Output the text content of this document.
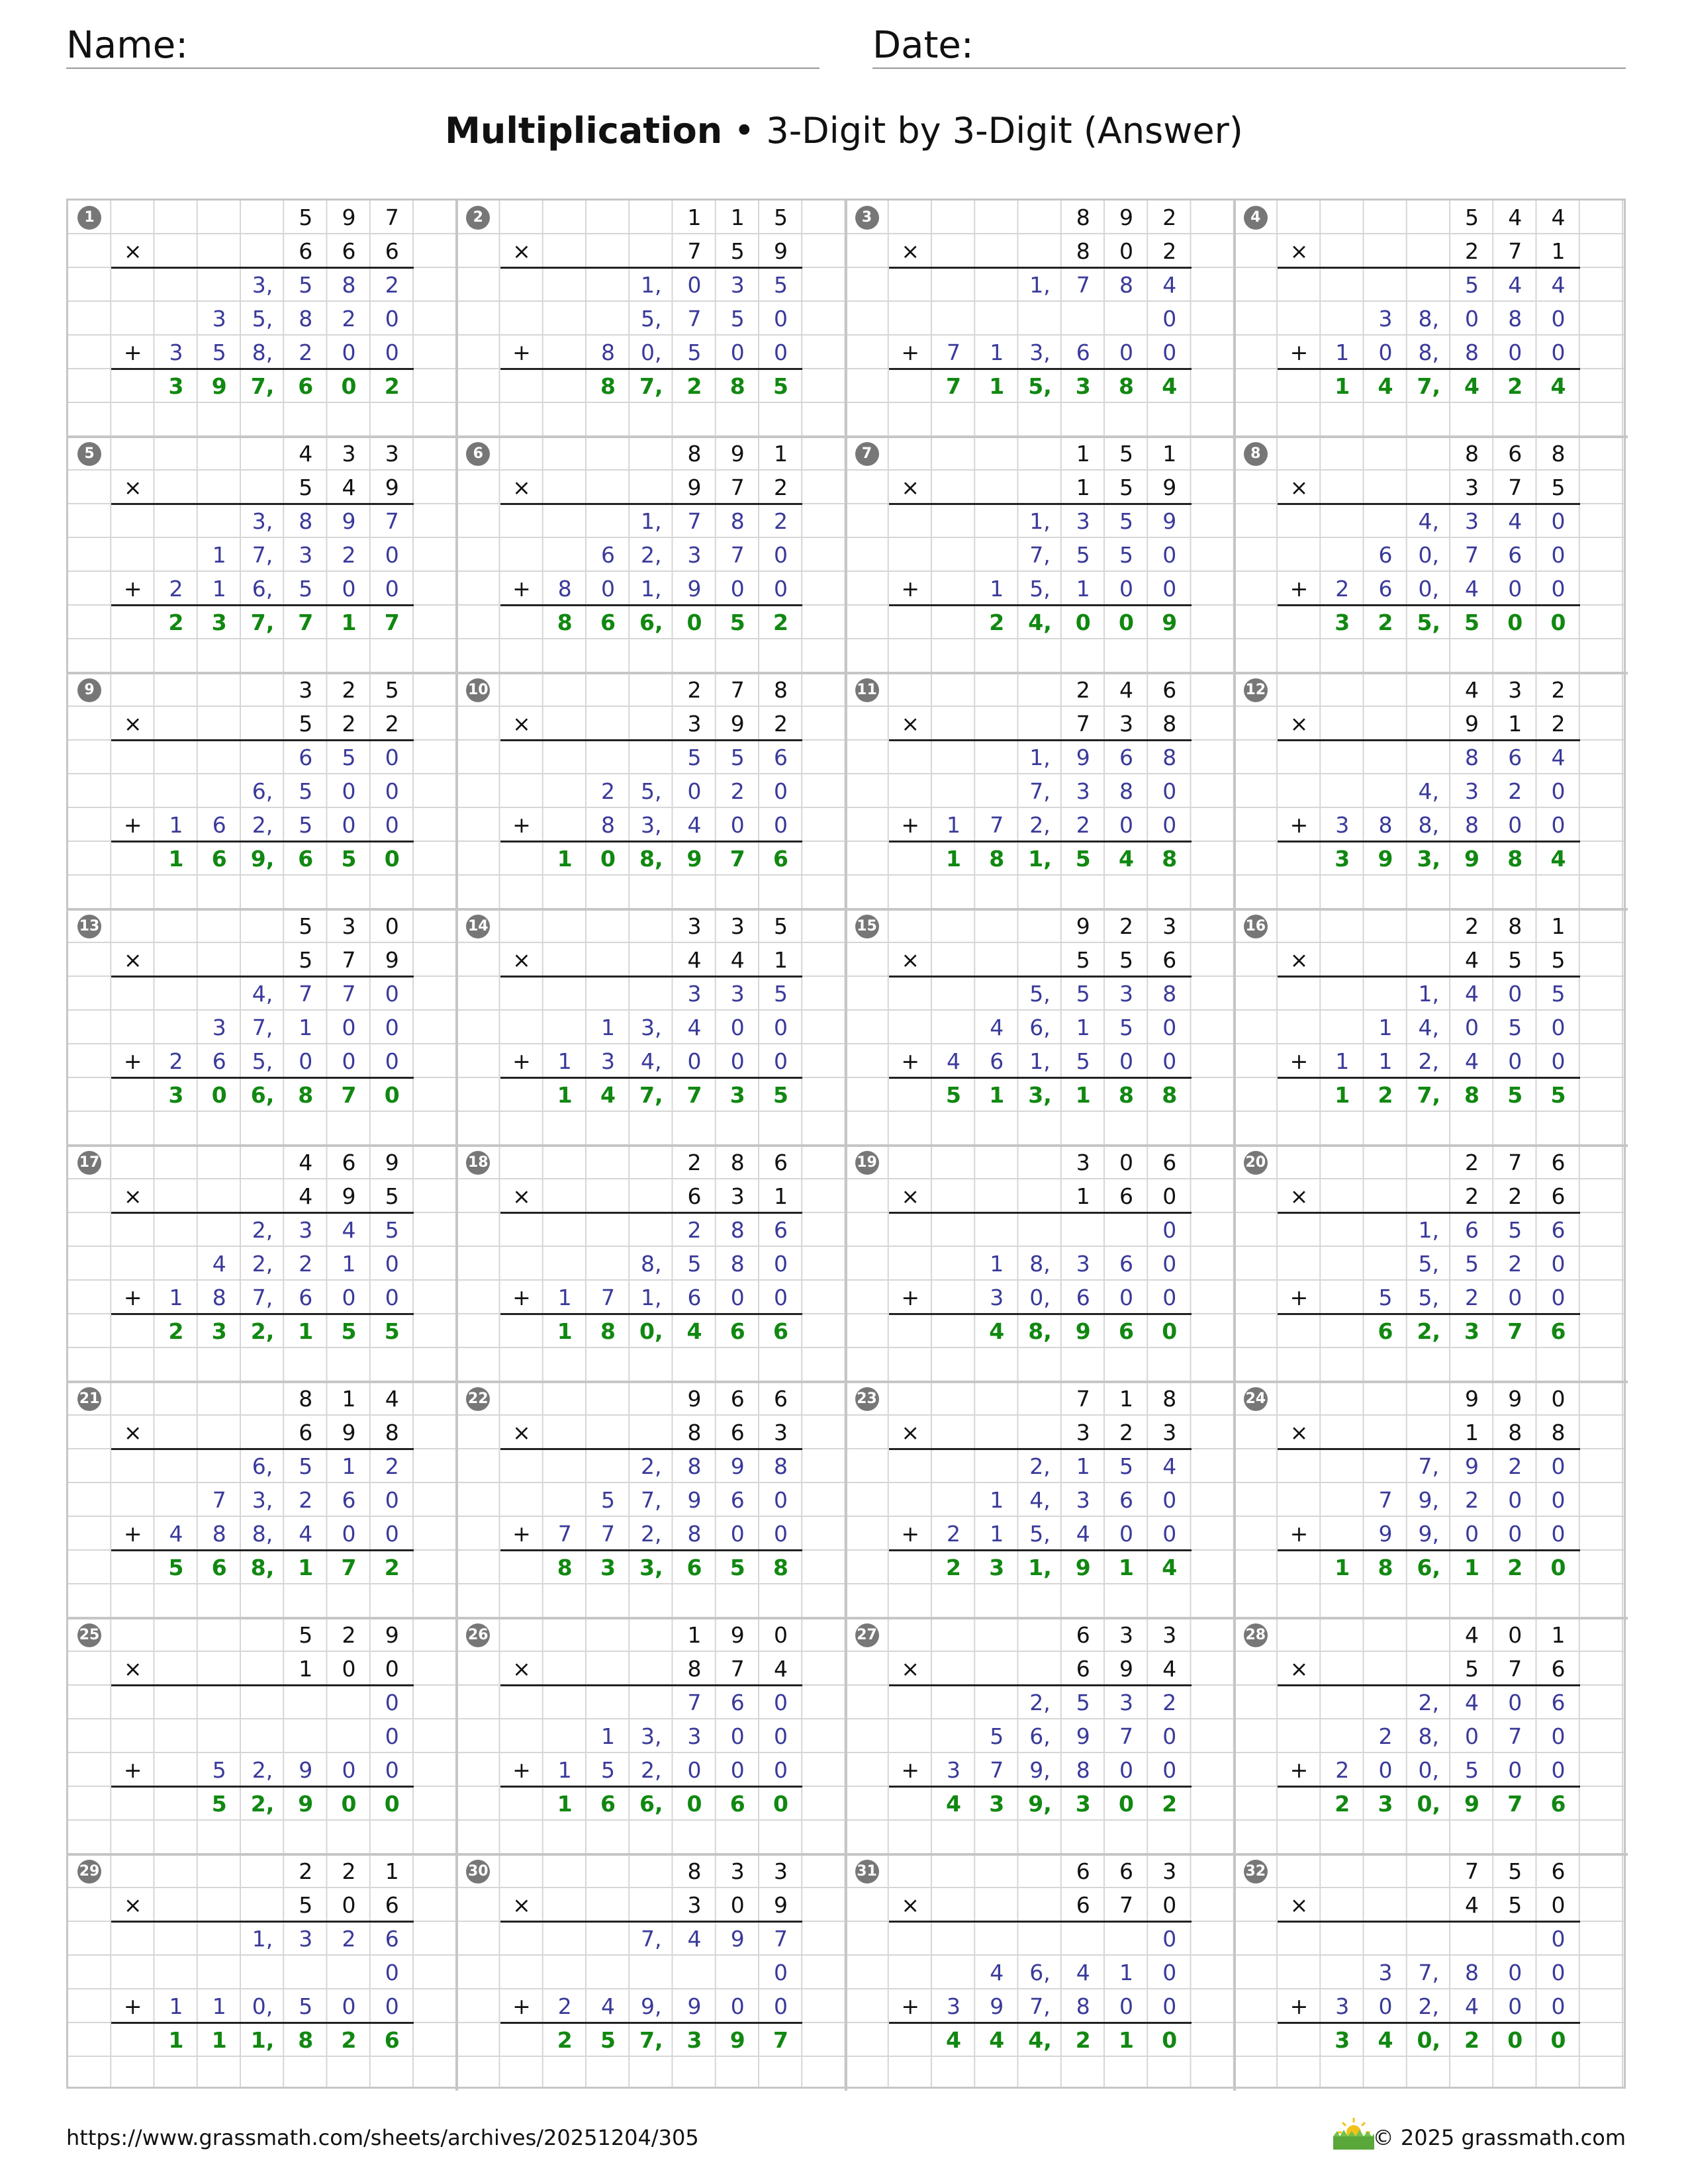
Name:	Date:
Multiplication • 3-Digit by 3-Digit (Answer)
1	5	9	7
×	6	6	6
3,	5	8	2
3	5,	8	2	0
+	3	5	8,	2	0	0
3	9	7,	6	0	2
2	1	1	5
×	7	5	9
1,	0	3	5
5,	7	5	0
+	8	0,	5	0	0
8	7,	2	8	5
3	8	9	2
×	8	0	2
1,	7	8	4
0
+	7	1	3,	6	0	0
7	1	5,	3	8	4
4	5	4	4
×	2	7	1
5	4	4
3	8,	0	8	0
+	1	0	8,	8	0	0
1	4	7,	4	2	4
5	4	3	3
×	5	4	9
3,	8	9	7
1	7,	3	2	0
+	2	1	6,	5	0	0
2	3	7,	7	1	7
6	8	9	1
×	9	7	2
1,	7	8	2
6	2,	3	7	0
+	8	0	1,	9	0	0
8	6	6,	0	5	2
7	1	5	1
×	1	5	9
1,	3	5	9
7,	5	5	0
+	1	5,	1	0	0
2	4,	0	0	9
8	8	6	8
×	3	7	5
4,	3	4	0
6	0,	7	6	0
+	2	6	0,	4	0	0
3	2	5,	5	0	0
9	3	2	5
×	5	2	2
6	5	0
6,	5	0	0
+	1	6	2,	5	0	0
1	6	9,	6	5	0
10	2	7	8
×	3	9	2
5	5	6
2	5,	0	2	0
+	8	3,	4	0	0
1	0	8,	9	7	6
11	2	4	6
×	7	3	8
1,	9	6	8
7,	3	8	0
+	1	7	2,	2	0	0
1	8	1,	5	4	8
12	4	3	2
×	9	1	2
8	6	4
4,	3	2	0
+	3	8	8,	8	0	0
3	9	3,	9	8	4
13	5	3	0
×	5	7	9
4,	7	7	0
3	7,	1	0	0
+	2	6	5,	0	0	0
3	0	6,	8	7	0
14	3	3	5
×	4	4	1
3	3	5
1	3,	4	0	0
+	1	3	4,	0	0	0
1	4	7,	7	3	5
15	9	2	3
×	5	5	6
5,	5	3	8
4	6,	1	5	0
+	4	6	1,	5	0	0
5	1	3,	1	8	8
16	2	8	1
×	4	5	5
1,	4	0	5
1	4,	0	5	0
+	1	1	2,	4	0	0
1	2	7,	8	5	5
17	4	6	9
×	4	9	5
2,	3	4	5
4	2,	2	1	0
+	1	8	7,	6	0	0
2	3	2,	1	5	5
18	2	8	6
×	6	3	1
2	8	6
8,	5	8	0
+	1	7	1,	6	0	0
1	8	0,	4	6	6
19	3	0	6
×	1	6	0
0
1	8,	3	6	0
+	3	0,	6	0	0
4	8,	9	6	0
20	2	7	6
×	2	2	6
1,	6	5	6
5,	5	2	0
+	5	5,	2	0	0
6	2,	3	7	6
21	8	1	4
×	6	9	8
6,	5	1	2
7	3,	2	6	0
+	4	8	8,	4	0	0
5	6	8,	1	7	2
22	9	6	6
×	8	6	3
2,	8	9	8
5	7,	9	6	0
+	7	7	2,	8	0	0
8	3	3,	6	5	8
23	7	1	8
×	3	2	3
2,	1	5	4
1	4,	3	6	0
+	2	1	5,	4	0	0
2	3	1,	9	1	4
24	9	9	0
×	1	8	8
7,	9	2	0
7	9,	2	0	0
+	9	9,	0	0	0
1	8	6,	1	2	0
25	5	2	9
×	1	0	0
0
0
+	5	2,	9	0	0
5	2,	9	0	0
26	1	9	0
×	8	7	4
7	6	0
1	3,	3	0	0
+	1	5	2,	0	0	0
1	6	6,	0	6	0
27	6	3	3
×	6	9	4
2,	5	3	2
5	6,	9	7	0
+	3	7	9,	8	0	0
4	3	9,	3	0	2
28	4	0	1
×	5	7	6
2,	4	0	6
2	8,	0	7	0
+	2	0	0,	5	0	0
2	3	0,	9	7	6
29	2	2	1
×	5	0	6
1,	3	2	6
0
+	1	1	0,	5	0	0
1	1	1,	8	2	6
30	8	3	3
×	3	0	9
7,	4	9	7
0
+	2	4	9,	9	0	0
2	5	7,	3	9	7
31	6	6	3
×	6	7	0
0
4	6,	4	1	0
+	3	9	7,	8	0	0
4	4	4,	2	1	0
32	7	5	6
×	4	5	0
0
3	7,	8	0	0
+	3	0	2,	4	0	0
3	4	0,	2	0	0
https://www.grassmath.com/sheets/archives/20251204/305	© 2025 grassmath.com
